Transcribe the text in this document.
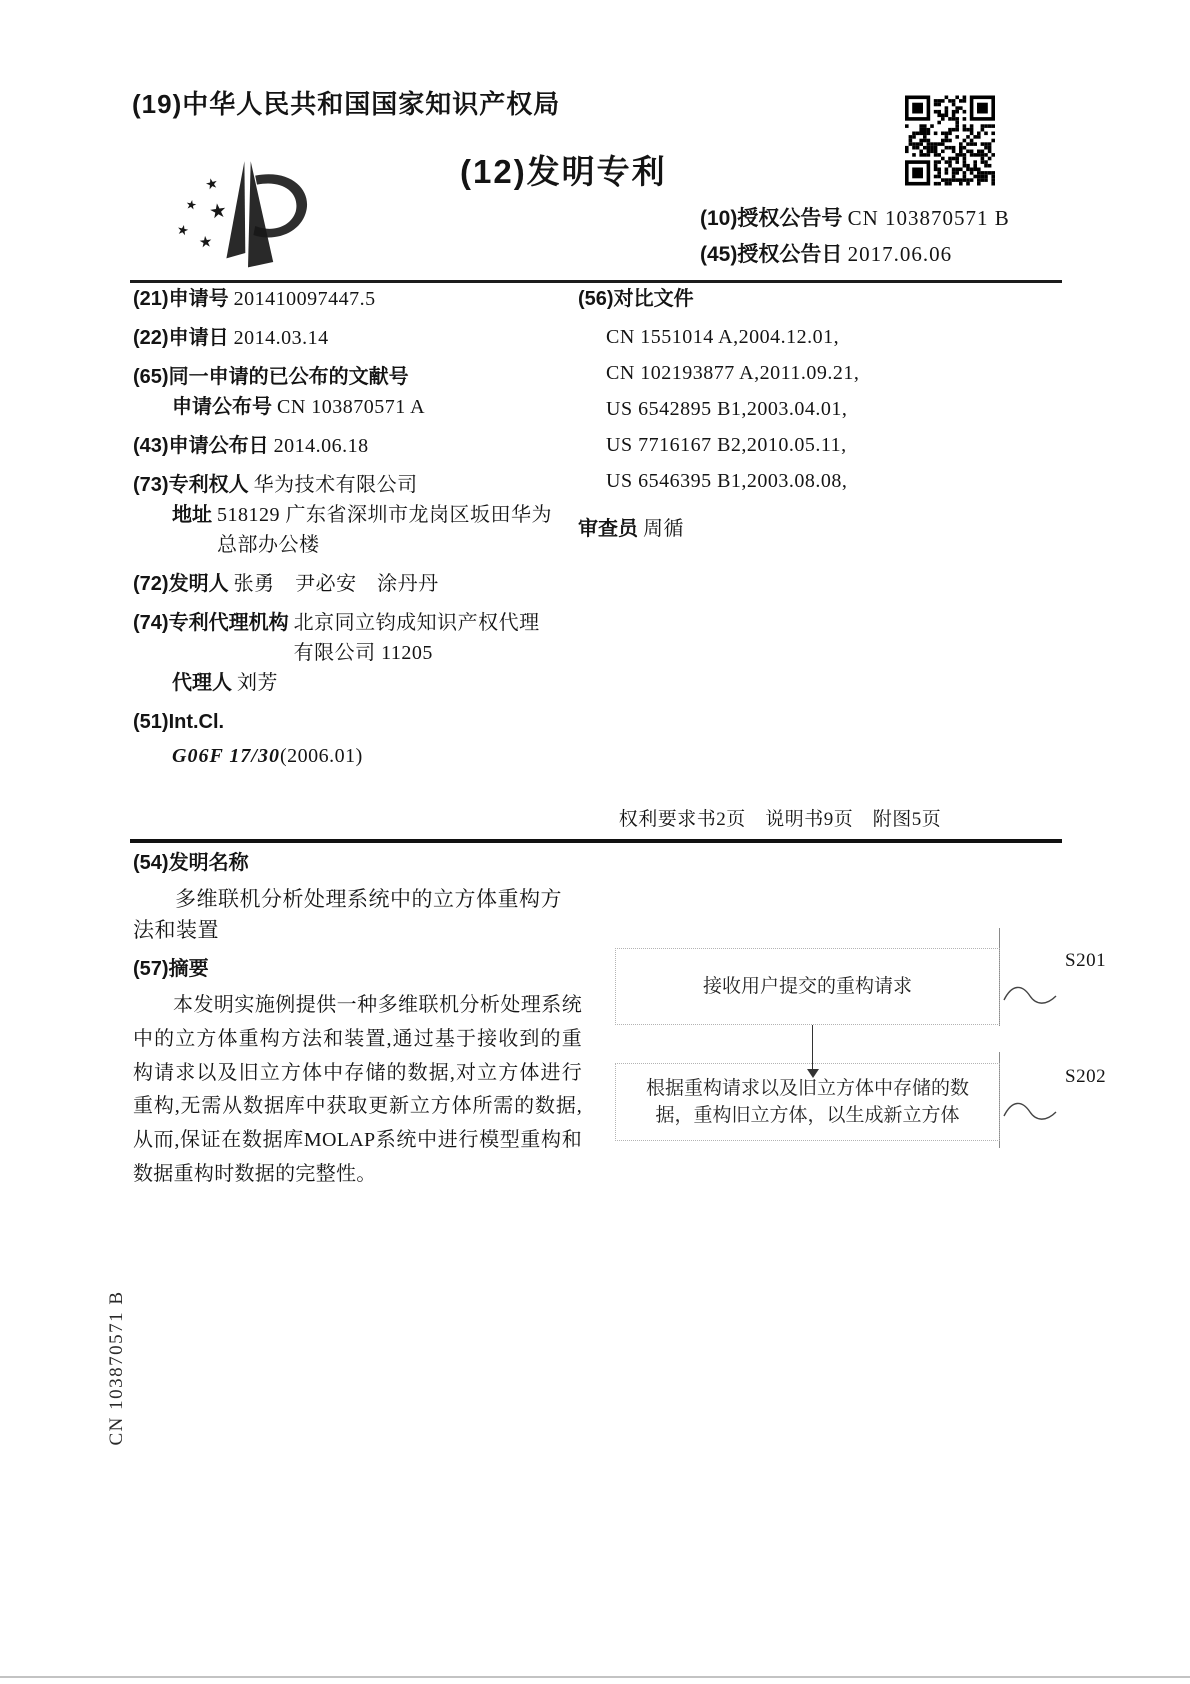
(19)中华人民共和国国家知识产权局
★
★ ★
★
★
(12)发明专利
(10)授权公告号 CN 103870571 B
(45)授权公告日 2017.06.06
(21)申请号 201410097447.5
(22)申请日 2014.03.14
(65)同一申请的已公布的文献号
申请公布号 CN 103870571 A
(43)申请公布日 2014.06.18
(73)专利权人 华为技术有限公司
地址 518129 广东省深圳市龙岗区坂田华为总部办公楼
(72)发明人 张勇　尹必安　涂丹丹
(74)专利代理机构 北京同立钧成知识产权代理有限公司 11205
代理人 刘芳
(51)Int.Cl.
G06F 17/30(2006.01)
(56)对比文件
CN 1551014 A,2004.12.01,
CN 102193877 A,2011.09.21,
US 6542895 B1,2003.04.01,
US 7716167 B2,2010.05.11,
US 6546395 B1,2003.08.08,
审查员 周循
权利要求书2页　说明书9页　附图5页
(54)发明名称
多维联机分析处理系统中的立方体重构方法和装置
(57)摘要
本发明实施例提供一种多维联机分析处理系统中的立方体重构方法和装置,通过基于接收到的重构请求以及旧立方体中存储的数据,对立方体进行重构,无需从数据库中获取更新立方体所需的数据,从而,保证在数据库MOLAP系统中进行模型重构和数据重构时数据的完整性。
接收用户提交的重构请求
S201
根据重构请求以及旧立方体中存储的数据，重构旧立方体，以生成新立方体
S202
CN 103870571 B
